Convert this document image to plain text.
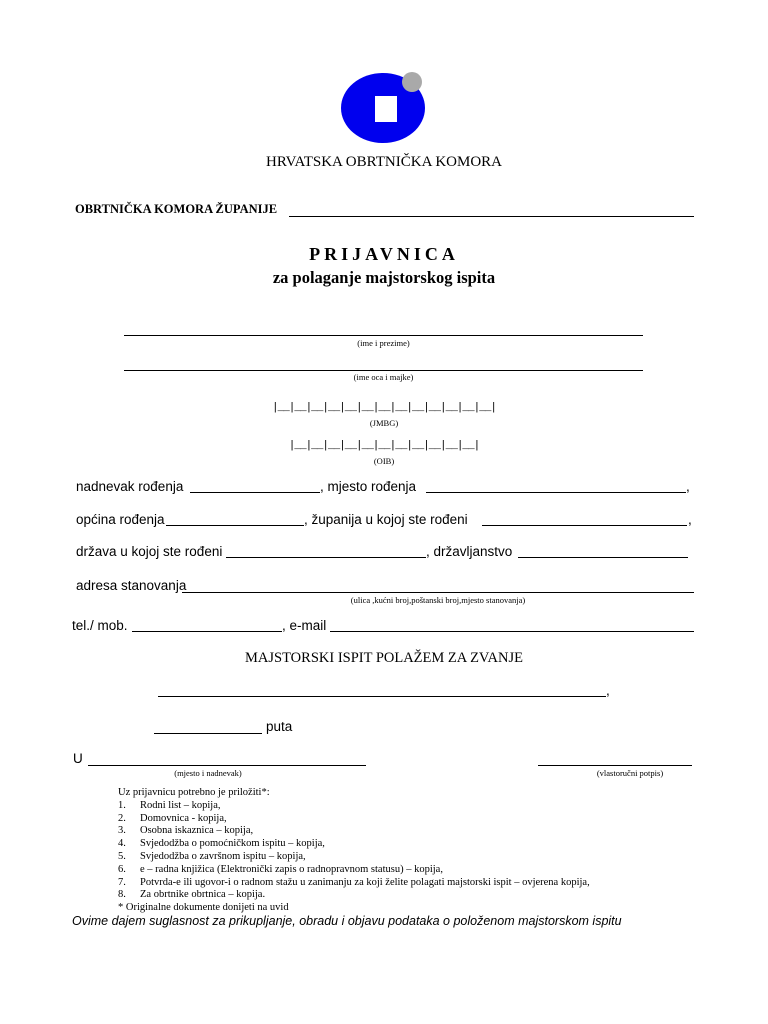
HRVATSKA OBRTNIČKA KOMORA
OBRTNIČKA KOMORA ŽUPANIJE
PRIJAVNICA
za polaganje majstorskog ispita
(ime i prezime)
(ime oca i majke)
|__|__|__|__|__|__|__|__|__|__|__|__|__|
(JMBG)
|__|__|__|__|__|__|__|__|__|__|__|
(OIB)
nadnevak rođenja	, mjesto rođenja	,
općina rođenja	, županija u kojoj ste rođeni	,
država u kojoj ste rođeni	, državljanstvo
adresa stanovanja
(ulica ,kućni broj,poštanski broj,mjesto stanovanja)
tel./ mob.	, e-mail
MAJSTORSKI ISPIT POLAŽEM ZA ZVANJE
,
puta
U
(mjesto i nadnevak)	(vlastoručni potpis)
Uz prijavnicu potrebno je priložiti*:
1. Rodni list – kopija,
2. Domovnica - kopija,
3. Osobna iskaznica – kopija,
4. Svjedodžba o pomoćničkom ispitu – kopija,
5. Svjedodžba o završnom ispitu – kopija,
6. e – radna knjižica (Elektronički zapis o radnopravnom statusu) – kopija,
7. Potvrda-e ili ugovor-i o radnom stažu u zanimanju za koji želite polagati majstorski ispit – ovjerena kopija,
8. Za obrtnike obrtnica – kopija.
* Originalne dokumente donijeti na uvid
Ovime dajem suglasnost za prikupljanje, obradu i objavu podataka o položenom majstorskom ispitu
